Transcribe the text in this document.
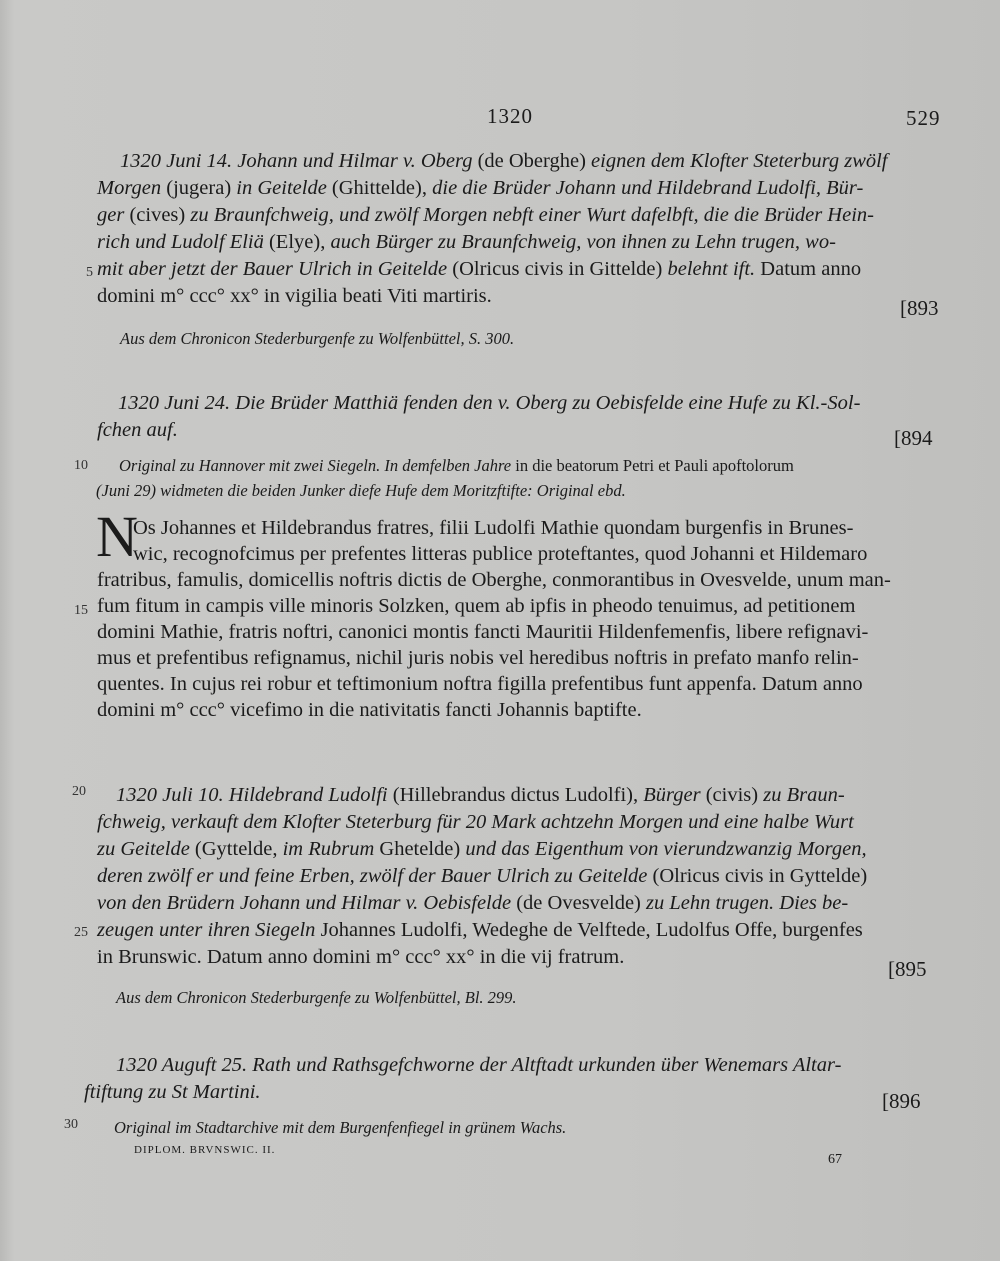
1320	529
1320 Juni 14. Johann und Hilmar v. Oberg (de Oberghe) eignen dem Klofter Steterburg zwölf
Morgen (jugera) in Geitelde (Ghittelde), die die Brüder Johann und Hildebrand Ludolfi, Bür-
ger (cives) zu Braunfchweig, und zwölf Morgen nebft einer Wurt dafelbft, die die Brüder Hein-
rich und Ludolf Eliä (Elye), auch Bürger zu Braunfchweig, von ihnen zu Lehn trugen, wo-
mit aber jetzt der Bauer Ulrich in Geitelde (Olricus civis in Gittelde) belehnt ift. Datum anno
domini m° ccc° xx° in vigilia beati Viti martiris.
5
[893
Aus dem Chronicon Stederburgenfe zu Wolfenbüttel, S. 300.
1320 Juni 24. Die Brüder Matthiä fenden den v. Oberg zu Oebisfelde eine Hufe zu Kl.-Sol-
fchen auf.	[894
10 Original zu Hannover mit zwei Siegeln. In demfelben Jahre in die beatorum Petri et Pauli apoftolorum
(Juni 29) widmeten die beiden Junker diefe Hufe dem Moritzftifte: Original ebd.
N
Os Johannes et Hildebrandus fratres, filii Ludolfi Mathie quondam burgenfis in Brunes-
wic, recognofcimus per prefentes litteras publice proteftantes, quod Johanni et Hildemaro
fratribus, famulis, domicellis noftris dictis de Oberghe, conmorantibus in Ovesvelde, unum man-
fum fitum in campis ville minoris Solzken, quem ab ipfis in pheodo tenuimus, ad petitionem
domini Mathie, fratris noftri, canonici montis fancti Mauritii Hildenfemenfis, libere refignavi-
mus et prefentibus refignamus, nichil juris nobis vel heredibus noftris in prefato manfo relin-
quentes. In cujus rei robur et teftimonium noftra figilla prefentibus funt appenfa. Datum anno
domini m° ccc° vicefimo in die nativitatis fancti Johannis baptifte.
15
20 1320 Juli 10. Hildebrand Ludolfi (Hillebrandus dictus Ludolfi), Bürger (civis) zu Braun-
fchweig, verkauft dem Klofter Steterburg für 20 Mark achtzehn Morgen und eine halbe Wurt
zu Geitelde (Gyttelde, im Rubrum Ghetelde) und das Eigenthum von vierundzwanzig Morgen,
deren zwölf er und feine Erben, zwölf der Bauer Ulrich zu Geitelde (Olricus civis in Gyttelde)
von den Brüdern Johann und Hilmar v. Oebisfelde (de Ovesvelde) zu Lehn trugen. Dies be-
zeugen unter ihren Siegeln Johannes Ludolfi, Wedeghe de Velftede, Ludolfus Offe, burgenfes
in Brunswic. Datum anno domini m° ccc° xx° in die vij fratrum.
25
[895
Aus dem Chronicon Stederburgenfe zu Wolfenbüttel, Bl. 299.
1320 Auguft 25. Rath und Rathsgefchworne der Altftadt urkunden über Wenemars Altar-
ftiftung zu St Martini.	[896
30 Original im Stadtarchive mit dem Burgenfenfiegel in grünem Wachs.
DIPLOM. BRVNSWIC. II.
67
